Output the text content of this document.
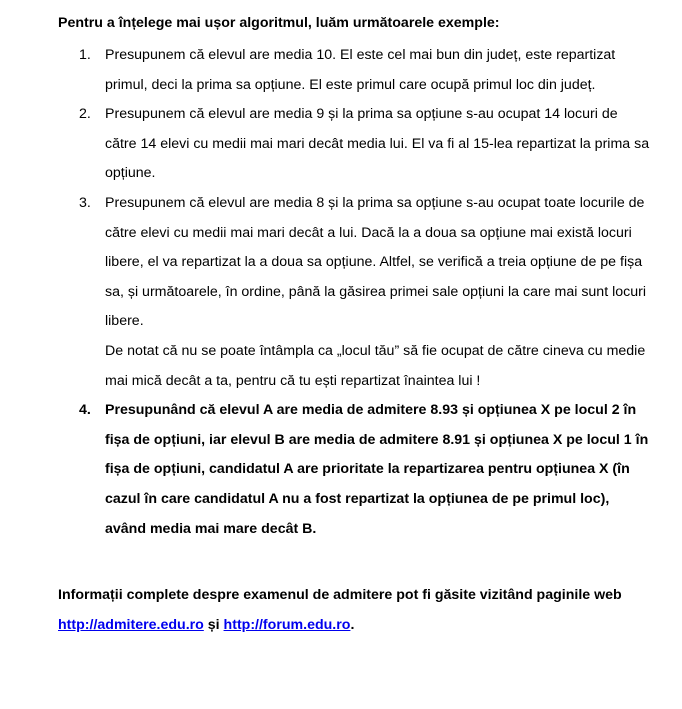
Pentru a înțelege mai ușor algoritmul, luăm următoarele exemple:
1. Presupunem că elevul are media 10. El este cel mai bun din județ, este repartizat primul, deci la prima sa opțiune. El este primul care ocupă primul loc din județ.
2. Presupunem că elevul are media 9 și la prima sa opțiune s-au ocupat 14 locuri de către 14 elevi cu medii mai mari decât media lui. El va fi al 15-lea repartizat la prima sa opțiune.
3. Presupunem că elevul are media 8 și la prima sa opțiune s-au ocupat toate locurile de către elevi cu medii mai mari decât a lui. Dacă la a doua sa opțiune mai există locuri libere, el va repartizat la a doua sa opțiune. Altfel, se verifică a treia opțiune de pe fișa sa, și următoarele, în ordine, până la găsirea primei sale opțiuni la care mai sunt locuri libere.
De notat că nu se poate întâmpla ca „locul tău” să fie ocupat de către cineva cu medie mai mică decât a ta, pentru că tu ești repartizat înaintea lui !
4. Presupunând că elevul A are media de admitere 8.93 și opțiunea X pe locul 2 în fișa de opțiuni, iar elevul B are media de admitere 8.91 și opțiunea X pe locul 1 în fișa de opțiuni, candidatul A are prioritate la repartizarea pentru opțiunea X (în cazul în care candidatul A nu a fost repartizat la opțiunea de pe primul loc), având media mai mare decât B.

Informații complete despre examenul de admitere pot fi găsite vizitând paginile web http://admitere.edu.ro și http://forum.edu.ro.
